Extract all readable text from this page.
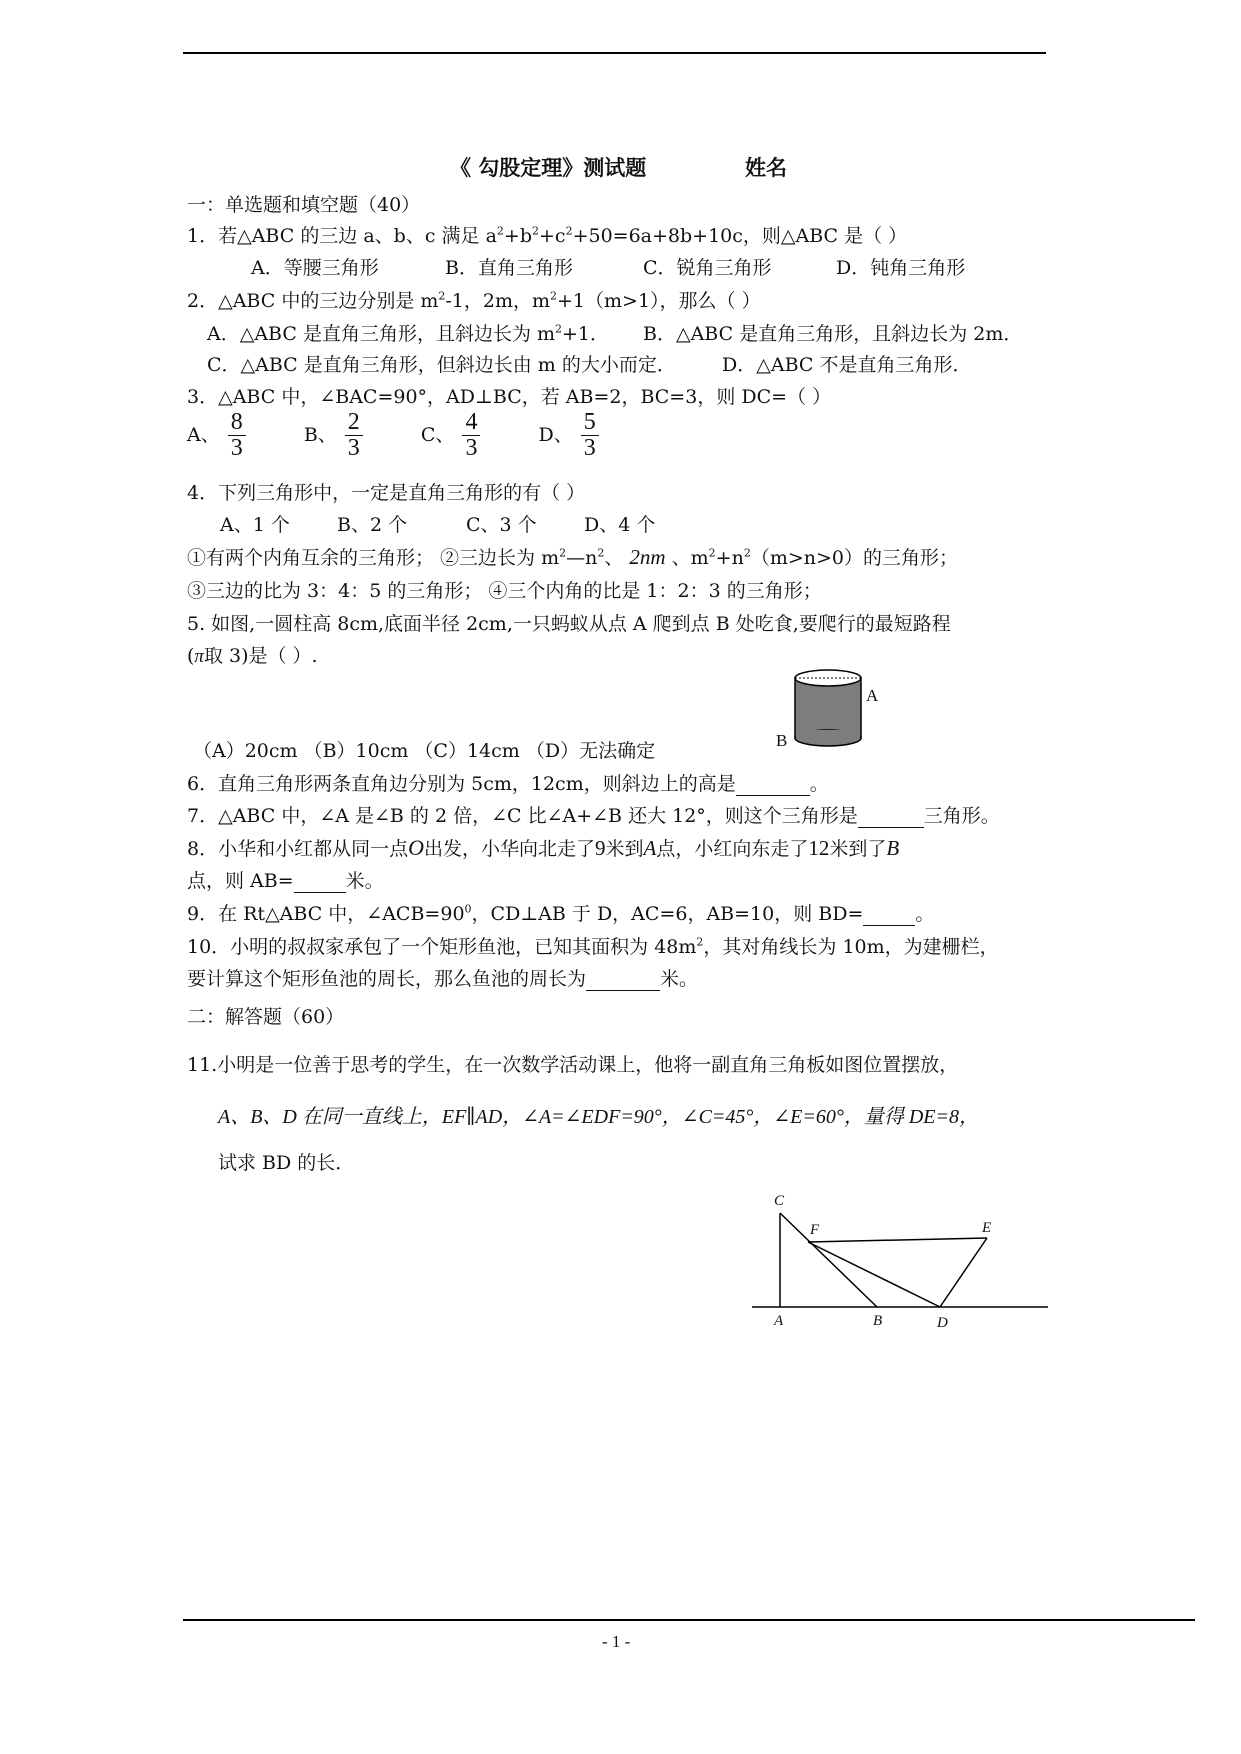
《 勾股定理》测试题	姓名
一：单选题和填空题（40）
1．若△ABC 的三边 a、b、c 满足 $a^2+b^2+c^2+50=6a+8b+10c$，则△ABC 是（ ）
A．等腰三角形	B．直角三角形	C．锐角三角形	D．钝角三角形
2．△ABC 中的三边分别是 $m^2-1$，2m，$m^2+1(m>1)$，那么（ ）
A．△ABC 是直角三角形，且斜边长为 $m^2+1$． B．△ABC 是直角三角形，且斜边长为 2m．
C．△ABC 是直角三角形，但斜边长由 m 的大小而定． D．△ABC 不是直角三角形．
3．△ABC 中，∠BAC=90°，AD⊥BC，若 AB=2，BC=3，则 DC=（ ）
A、 $\frac{8}{3}$	B、 $\frac{2}{3}$	C、 $\frac{4}{3}$	D、 $\frac{5}{3}$
4．下列三角形中，一定是直角三角形的有（ ）
A、1 个 B、2 个	C、3 个 D、4 个
①有两个内角互余的三角形； ②三边长为 $m^2—n^2$、 2nm 、$m^2+n^2(m>n>0)$的三角形；
③三边的比为 3：4：5 的三角形； ④三个内角的比是 1：2：3 的三角形；
5. 如图,一圆柱高 8cm,底面半径 2cm,一只蚂蚁从点 A 爬到点 B 处吃食,要爬行的最短路程
(π取 3)是（ ）.
（A）20cm （B）10cm （C）14cm （D）无法确定
A
B
6．直角三角形两条直角边分别为 5cm，12cm，则斜边上的高是	。
7．△ABC 中，∠A 是∠B 的 2 倍，∠C 比∠A+∠B 还大 12°，则这个三角形是	三角形。
8．小华和小红都从同一点O出发，小华向北走了9米到A点，小红向东走了12米到了B
点，则 AB=	米。
9．在 Rt△ABC 中，$\angle ACB=90^0$，CD⊥AB 于 D，AC=6，AB=10，则 BD=	。
10．小明的叔叔家承包了一个矩形鱼池，已知其面积为 $48m^2$，其对角线长为 10m，为建栅栏，
要计算这个矩形鱼池的周长，那么鱼池的周长为	米。
二：解答题（60）
11.小明是一位善于思考的学生，在一次数学活动课上，他将一副直角三角板如图位置摆放，
A、B、D 在同一直线上，EF∥AD，∠A=∠EDF=90°，∠C=45°，∠E=60°，量得 DE=8，
试求 BD 的长．
C
F	E
A	B	D
- 1 -
